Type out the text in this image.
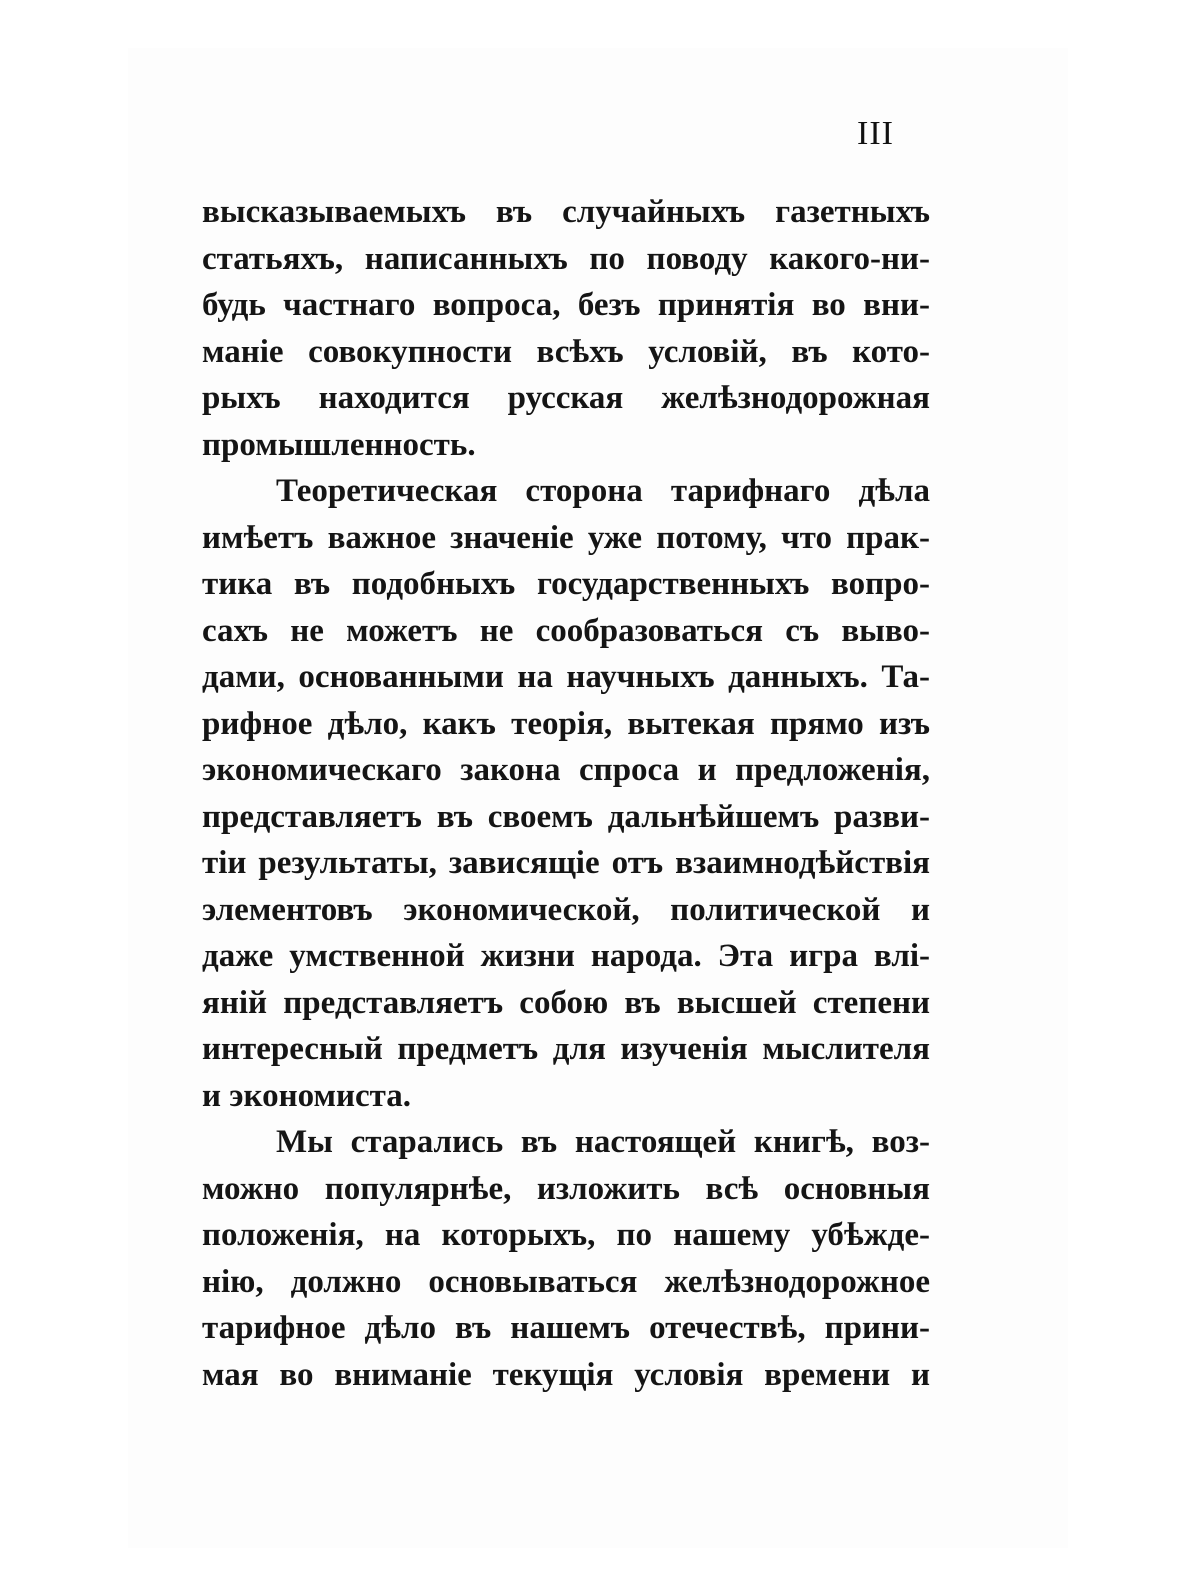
III
высказываемыхъ въ случайныхъ газетныхъ
статьяхъ, написанныхъ по поводу какого-ни-
будь частнаго вопроса, безъ принятія во вни-
маніе совокупности всѣхъ условій, въ кото-
рыхъ находится русская желѣзнодорожная
промышленность.
Теоретическая сторона тарифнаго дѣла
имѣетъ важное значеніе уже потому, что прак-
тика въ подобныхъ государственныхъ вопро-
сахъ не можетъ не сообразоваться съ выво-
дами, основанными на научныхъ данныхъ. Та-
рифное дѣло, какъ теорія, вытекая прямо изъ
экономическаго закона спроса и предложенія,
представляетъ въ своемъ дальнѣйшемъ разви-
тіи результаты, зависящіе отъ взаимнодѣйствія
элементовъ экономической, политической и
даже умственной жизни народа. Эта игра влі-
яній представляетъ собою въ высшей степени
интересный предметъ для изученія мыслителя
и экономиста.
Мы старались въ настоящей книгѣ, воз-
можно популярнѣе, изложить всѣ основныя
положенія, на которыхъ, по нашему убѣжде-
нію, должно основываться желѣзнодорожное
тарифное дѣло въ нашемъ отечествѣ, прини-
мая во вниманіе текущія условія времени и
